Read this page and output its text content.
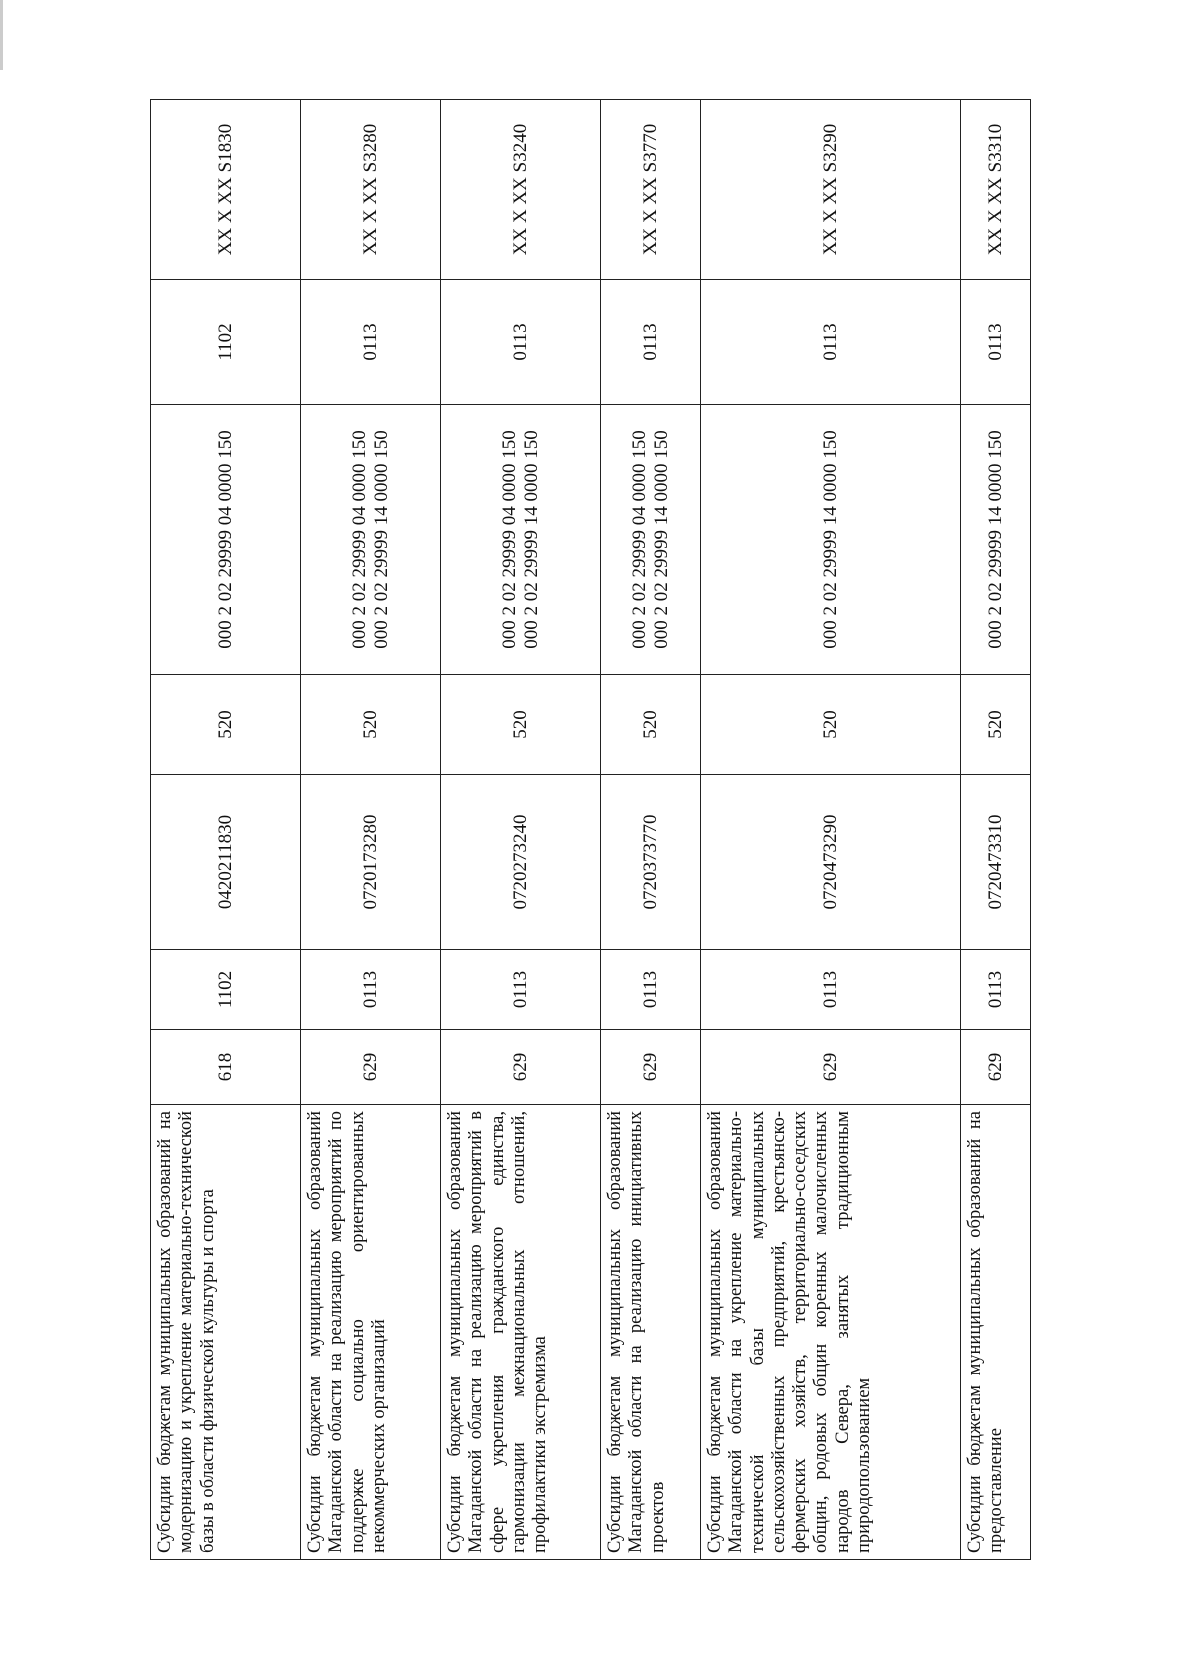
Субсидии бюджетам муниципальных образований на модернизацию и укрепление материально-технической базы в области физической культуры и спорта	618	1102	0420211830	520	000 2 02 29999 04 0000 150	1102	XX X XX S1830
Субсидии бюджетам муниципальных образований Магаданской области на реализацию мероприятий по поддержке социально ориентированных некоммерческих организаций	629	0113	0720173280	520	000 2 02 29999 04 0000 150 000 2 02 29999 14 0000 150	0113	XX X XX S3280
Субсидии бюджетам муниципальных образований Магаданской области на реализацию мероприятий в сфере укрепления гражданского единства, гармонизации межнациональных отношений, профилактики экстремизма	629	0113	0720273240	520	000 2 02 29999 04 0000 150 000 2 02 29999 14 0000 150	0113	XX X XX S3240
Субсидии бюджетам муниципальных образований Магаданской области на реализацию инициативных проектов	629	0113	0720373770	520	000 2 02 29999 04 0000 150 000 2 02 29999 14 0000 150	0113	XX X XX S3770
Субсидии бюджетам муниципальных образований Магаданской области на укрепление материально-технической базы муниципальных сельскохозяйственных предприятий, крестьянско-фермерских хозяйств, территориально-соседских общин, родовых общин коренных малочисленных народов Севера, занятых традиционным природопользованием	629	0113	0720473290	520	000 2 02 29999 14 0000 150	0113	XX X XX S3290
Субсидии бюджетам муниципальных образований на предоставление	629	0113	0720473310	520	000 2 02 29999 14 0000 150	0113	XX X XX S3310
